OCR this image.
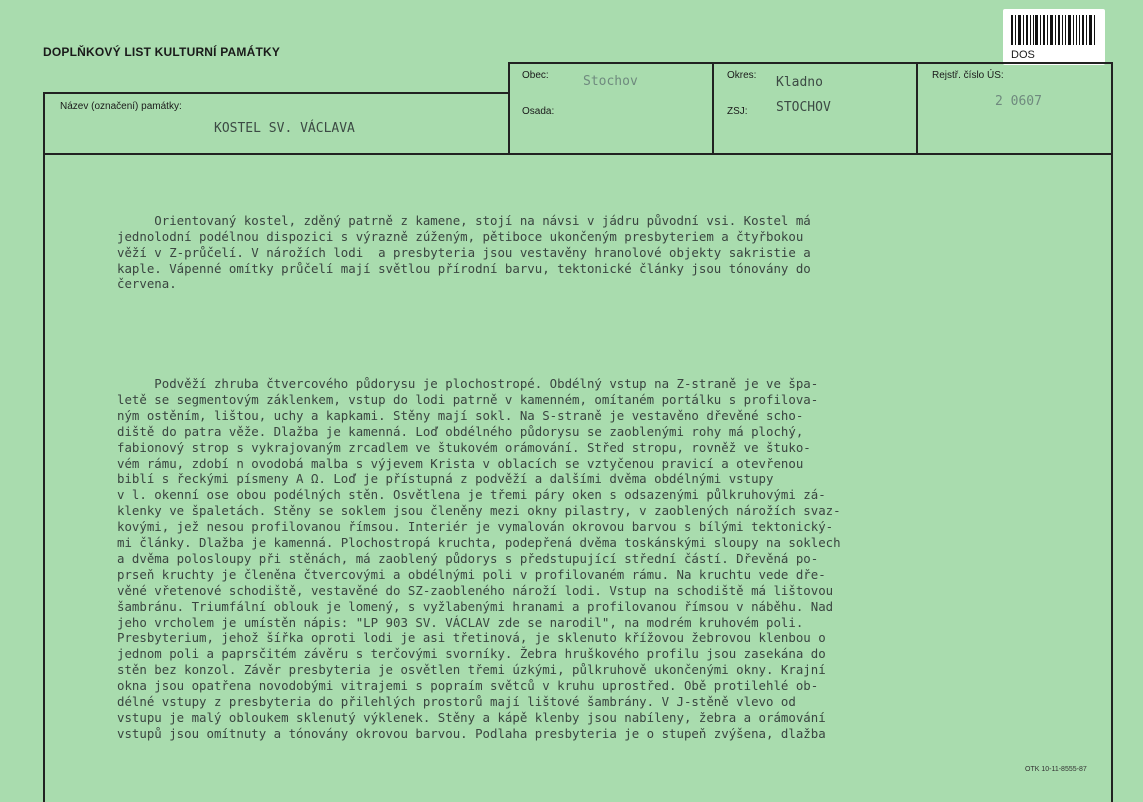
DOPLŇKOVÝ LIST KULTURNÍ PAMÁTKY	DOS
Obec:	Stochov	Okres: Kladno	Rejstř. číslo ÚS:
2 0607
Název (označení) památky:
KOSTEL SV. VÁCLAVA
Osada:	ZSJ: STOCHOV

Orientovaný kostel, zděný patrně z kamene, stojí na návsi v jádru původní vsi. Kostel má

jednolodní podélnou dispozici s výrazně zúženým, pětiboce ukončeným presbyteriem a čtyřbokou

věží v Z-průčelí. V nárožích lodi  a presbyteria jsou vestavěny hranolové objekty sakristie a

kaple. Vápenné omítky průčelí mají světlou přírodní barvu, tektonické články jsou tónovány do

červena.

Podvěží zhruba čtvercového půdorysu je plochostropé. Obdélný vstup na Z-straně je ve špa-

letě se segmentovým záklenkem, vstup do lodi patrně v kamenném, omítaném portálku s profilova-

ným ostěním, lištou, uchy a kapkami. Stěny mají sokl. Na S-straně je vestavěno dřevěné scho-

diště do patra věže. Dlažba je kamenná. Loď obdélného půdorysu se zaoblenými rohy má plochý,

fabionový strop s vykrajovaným zrcadlem ve štukovém orámování. Střed stropu, rovněž ve štuko-

vém rámu, zdobí n ovodobá malba s výjevem Krista v oblacích se vztyčenou pravicí a otevřenou

biblí s řeckými písmeny A Ω. Loď je přístupná z podvěží a dalšími dvěma obdélnými vstupy

v l. okenní ose obou podélných stěn. Osvětlena je třemi páry oken s odsazenými půlkruhovými zá-

klenky ve špaletách. Stěny se soklem jsou členěny mezi okny pilastry, v zaoblených nárožích svaz-

kovými, jež nesou profilovanou římsou. Interiér je vymalován okrovou barvou s bílými tektonický-

mi články. Dlažba je kamenná. Plochostropá kruchta, podepřená dvěma toskánskými sloupy na soklech

a dvěma polosloupy při stěnách, má zaoblený půdorys s předstupující střední částí. Dřevěná po-

prseň kruchty je členěna čtvercovými a obdélnými poli v profilovaném rámu. Na kruchtu vede dře-

věné vřetenové schodiště, vestavěné do SZ-zaobleného nároží lodi. Vstup na schodiště má lištovou

šambránu. Triumfální oblouk je lomený, s vyžlabenými hranami a profilovanou římsou v náběhu. Nad

jeho vrcholem je umístěn nápis: "LP 903 SV. VÁCLAV zde se narodil", na modrém kruhovém poli.

Presbyterium, jehož šířka oproti lodi je asi třetinová, je sklenuto křížovou žebrovou klenbou o

jednom poli a paprsčitém závěru s terčovými svorníky. Žebra hruškového profilu jsou zasekána do

stěn bez konzol. Závěr presbyteria je osvětlen třemi úzkými, půlkruhově ukončenými okny. Krajní

okna jsou opatřena novodobými vitrajemi s popraím světců v kruhu uprostřed. Obě protilehlé ob-

délné vstupy z presbyteria do přilehlých prostorů mají lištové šambrány. V J-stěně vlevo od

vstupu je malý obloukem sklenutý výklenek. Stěny a kápě klenby jsou nabíleny, žebra a orámování

vstupů jsou omítnuty a tónovány okrovou barvou. Podlaha presbyteria je o stupeň zvýšena, dlažba

OTK 10-11-8555-87
